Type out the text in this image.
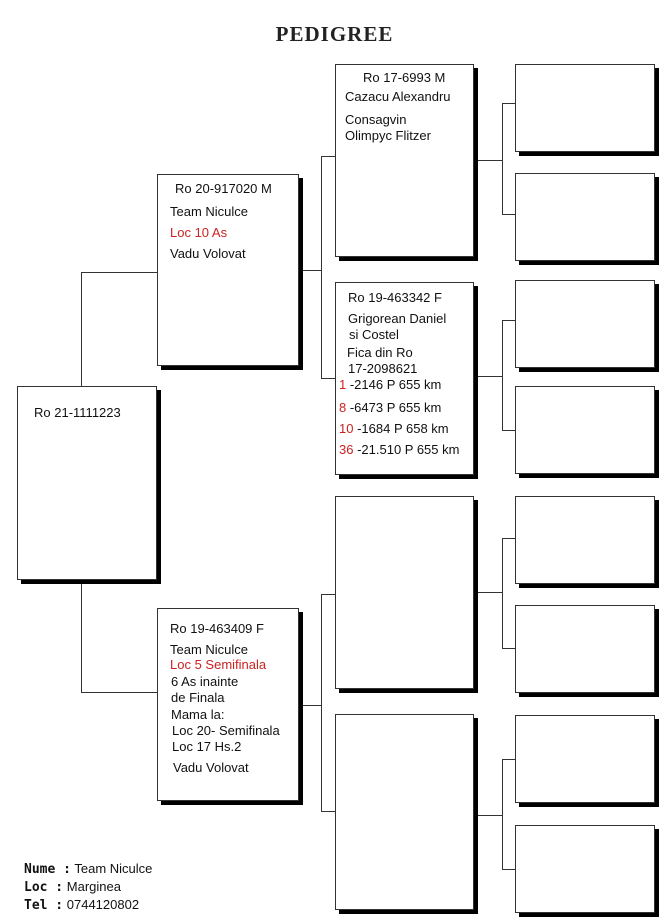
PEDIGREE
Ro 21-1111223
Ro 20-917020 M
Team Niculce
Loc 10 As
Vadu Volovat
Ro 19-463409 F
Team Niculce
Loc 5 Semifinala
6 As inainte
de Finala
Mama la:
Loc 20- Semifinala
Loc 17 Hs.2
Vadu Volovat
Ro 17-6993 M
Cazacu Alexandru
Consagvin
Olimpyc Flitzer
Ro 19-463342 F
Grigorean Daniel
si Costel
Fica din Ro
17-2098621
1 -2146 P 655 km
8 -6473 P 655 km
10 -1684 P 658 km
36 -21.510 P 655 km
Nume : Team Niculce
Loc : Marginea
Tel : 0744120802
